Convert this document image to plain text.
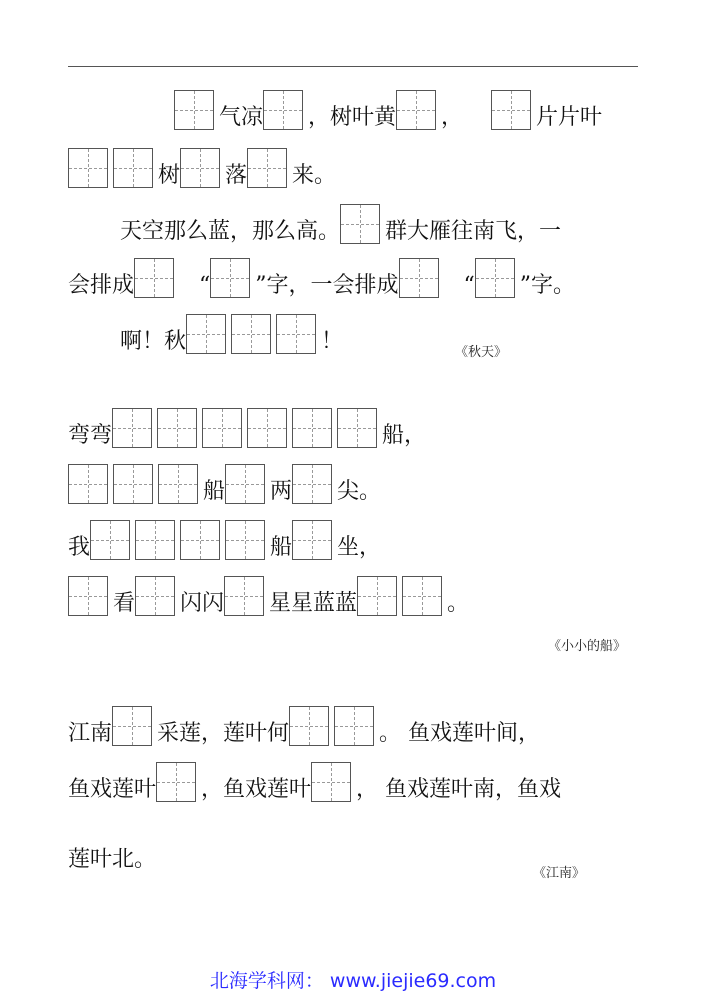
气凉 ，树叶黄 ，	片片叶
树 落 来。
天空那么蓝，那么高。 群大雁往南飞，一
会排成	“ ”字，一会排成	“ ”字。
啊！秋	！	《秋天》
弯弯	船，
船 两 尖。
我	船 坐，
看 闪闪 星星蓝蓝	。
《小小的船》
江南 采莲，莲叶何	。 鱼戏莲叶间，
鱼戏莲叶 ，鱼戏莲叶 ， 鱼戏莲叶南，鱼戏
莲叶北。
《江南》
北海学科网： www.jiejie69.com
